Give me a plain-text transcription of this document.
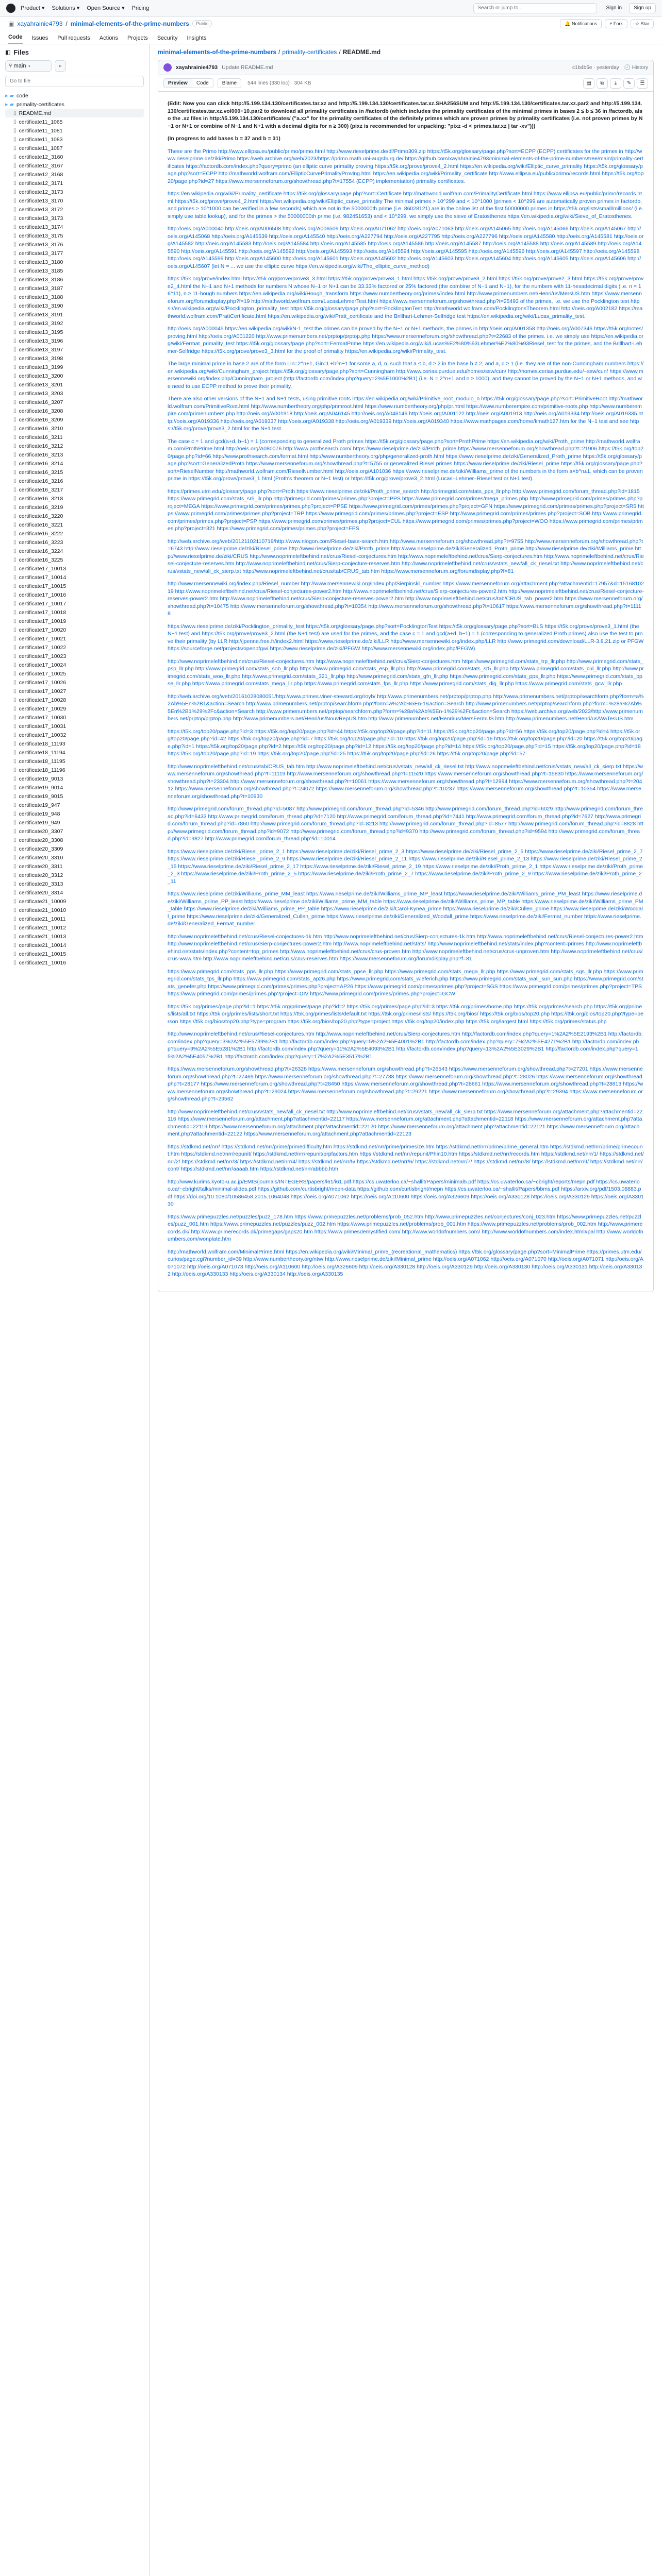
Product ▾ Solutions ▾ Open Source ▾ Pricing	Search or jump to...	Sign in	Sign up
▣ xayahrainie4793 / minimal-elements-of-the-prime-numbers	Public	🔔 Notifications	⑂ Fork	☆ Star
Code Issues Pull requests Actions Projects Security Insights
◧ Files
⑂ main ▾	⌕
Go to file
▸ ▰ code
▸ ▰ primality-certificates
▯ README.md
▯ certificate11_1065
▯ certificate11_1081
▯ certificate11_1083
▯ certificate11_1087
▯ certificate12_3160
▯ certificate12_3167
▯ certificate12_3168
▯ certificate12_3171
▯ certificate12_3173
▯ certificate13_3170
▯ certificate13_3172
▯ certificate13_3173
▯ certificate13_3174
▯ certificate13_3175
▯ certificate13_3176
▯ certificate13_3177
▯ certificate13_3180
▯ certificate13_3185
▯ certificate13_3186
▯ certificate13_3187
▯ certificate13_3188
▯ certificate13_3190
▯ certificate13_3191
▯ certificate13_3192
▯ certificate13_3195
▯ certificate13_3196
▯ certificate13_3197
▯ certificate13_3198
▯ certificate13_3199
▯ certificate13_3200
▯ certificate13_3201
▯ certificate13_3203
▯ certificate16_3207
▯ certificate16_3208
▯ certificate16_3209
▯ certificate16_3210
▯ certificate16_3211
▯ certificate16_3212
▯ certificate16_3213
▯ certificate16_3214
▯ certificate16_3215
▯ certificate16_3216
▯ certificate16_3217
▯ certificate16_3218
▯ certificate16_3219
▯ certificate16_3220
▯ certificate16_3221
▯ certificate16_3222
▯ certificate16_3223
▯ certificate16_3224
▯ certificate16_3225
▯ certificate17_10013
▯ certificate17_10014
▯ certificate17_10015
▯ certificate17_10016
▯ certificate17_10017
▯ certificate17_10018
▯ certificate17_10019
▯ certificate17_10020
▯ certificate17_10021
▯ certificate17_10022
▯ certificate17_10023
▯ certificate17_10024
▯ certificate17_10025
▯ certificate17_10026
▯ certificate17_10027
▯ certificate17_10028
▯ certificate17_10029
▯ certificate17_10030
▯ certificate17_10031
▯ certificate17_10032
▯ certificate18_11193
▯ certificate18_11194
▯ certificate18_11195
▯ certificate18_11196
▯ certificate19_9013
▯ certificate19_9014
▯ certificate19_9015
▯ certificate19_947
▯ certificate19_948
▯ certificate19_949
▯ certificate20_3307
▯ certificate20_3308
▯ certificate20_3309
▯ certificate20_3310
▯ certificate20_3311
▯ certificate20_3312
▯ certificate20_3313
▯ certificate20_3314
▯ certificate21_10009
▯ certificate21_10010
▯ certificate21_10011
▯ certificate21_10012
▯ certificate21_10013
▯ certificate21_10014
▯ certificate21_10015
▯ certificate21_10016
minimal-elements-of-the-prime-numbers / primality-certificates / README.md
xayahrainie4793 Update README.md	c1b4b5e · yesterday 🕘 History
Preview	Code	Blame	544 lines (330 loc) · 304 KB	▤	⧉	⤓	✎	☰

(Edit: Now you can click http://5.199.134.130/certificates.tar.xz and http://5.199.134.130/certificates.tar.xz.SHA256SUM and http://5.199.134.130/certificates.tar.xz.par2 and http://5.199.134.130/certificates.tar.xz.vol000+10.par2 to download all primality certificates in /factordb (which includes the primality certificates of the minimal primes in bases 2 ≤ b ≤ 36 in /factordb, also the .xz files in http://5.199.134.130/certificates/ ("a.xz" for the primality certificates of the definitely primes which are proven primes by primality certificates (i.e. not proven primes by N−1 or N+1 or combine of N−1 and N+1 with a decimal digits for n ≥ 300) (pixz is recommended for unpacking: "pixz -d < primes.tar.xz | tar -xv")))

(In progress to add bases b = 37 and b = 31)

These are the Primo http://www.ellipsa.eu/public/primo/primo.html http://www.rieselprime.de/dl/Primo309.zip https://t5k.org/glossary/page.php?sort=ECPP (ECPP) certificates for the primes in http://www.rieselprime.de/ziki/Primo https://web.archive.org/web/2023/https://primo.math.uni-augsburg.de/ https://github.com/xayahrainie4793/minimal-elements-of-the-prime-numbers/tree/main/primality-certificates https://factordb.com/index.php?query=primo (an elliptic curve primality proving https://t5k.org/prove/prove4_2.html https://en.wikipedia.org/wiki/Elliptic_curve_primality https://t5k.org/glossary/page.php?sort=ECPP http://mathworld.wolfram.com/EllipticCurvePrimalityProving.html https://en.wikipedia.org/wiki/Primality_certificate http://www.ellipsa.eu/public/primo/records.html https://t5k.org/top20/page.php?id=27 https://www.mersenneforum.org/showthread.php?t=17554 (ECPP) implementation) primality certificates.

https://en.wikipedia.org/wiki/Primality_certificate https://t5k.org/glossary/page.php?sort=Certificate http://mathworld.wolfram.com/PrimalityCertificate.html https://www.ellipsa.eu/public/primo/records.html https://t5k.org/prove/prove4_2.html https://en.wikipedia.org/wiki/Elliptic_curve_primality The minimal primes > 10^299 and < 10^1000 (primes < 10^299 are automatically proven primes in factordb, and primes > 10^1000 can be verified in a few seconds) which are not in the 5000000th prime (i.e. 86028121) are in the online list of the first 50000000 primes in https://t5k.org/lists/small/millions/ (i.e. simply use table lookup), and for the primes > the 50000000th prime (i.e. 982451653) and < 10^299, we simply use the sieve of Eratosthenes https://en.wikipedia.org/wiki/Sieve_of_Eratosthenes.

http://oeis.org/A000040 http://oeis.org/A006508 http://oeis.org/A006509 http://oeis.org/A071062 http://oeis.org/A071063 http://oeis.org/A145065 http://oeis.org/A145066 http://oeis.org/A145067 http://oeis.org/A145068 http://oeis.org/A145539 http://oeis.org/A145540 http://oeis.org/A227794 http://oeis.org/A227795 http://oeis.org/A227796 http://oeis.org/A145580 http://oeis.org/A145581 http://oeis.org/A145582 http://oeis.org/A145583 http://oeis.org/A145584 http://oeis.org/A145585 http://oeis.org/A145586 http://oeis.org/A145587 http://oeis.org/A145588 http://oeis.org/A145589 http://oeis.org/A145590 http://oeis.org/A145591 http://oeis.org/A145592 http://oeis.org/A145593 http://oeis.org/A145594 http://oeis.org/A145595 http://oeis.org/A145596 http://oeis.org/A145597 http://oeis.org/A145598 http://oeis.org/A145599 http://oeis.org/A145600 http://oeis.org/A145601 http://oeis.org/A145602 http://oeis.org/A145603 http://oeis.org/A145604 http://oeis.org/A145605 http://oeis.org/A145606 http://oeis.org/A145607 (let N = ... we use the elliptic curve https://en.wikipedia.org/wiki/The_elliptic_curve_method)

https://t5k.org/prove/index.html https://t5k.org/prove/prove3_3.html https://t5k.org/prove/prove3_1.html https://t5k.org/prove/prove3_2.html https://t5k.org/prove/prove2_3.html https://t5k.org/prove/prove2_4.html the N−1 and N+1 methods for numbers N whose N−1 or N+1 can be 33.33% factored or 25% factored (the combine of N−1 and N+1), for the numbers with 11-hexadecimal digits (i.e. n = 16^11), n ≥ 11-hough numbers https://en.wikipedia.org/wiki/Hough_transform https://www.numbertheory.org/primes/index.html http://www.primenumbers.net/Henri/us/MersUS.htm https://www.mersenneforum.org/forumdisplay.php?f=19 http://mathworld.wolfram.com/LucasLehmerTest.html https://www.mersenneforum.org/showthread.php?t=25493 of the primes, i.e. we use the Pocklington test https://en.wikipedia.org/wiki/Pocklington_primality_test https://t5k.org/glossary/page.php?sort=PocklingtonTest http://mathworld.wolfram.com/PocklingtonsTheorem.html http://oeis.org/A002182 https://mathworld.wolfram.com/PrattCertificate.html https://en.wikipedia.org/wiki/Pratt_certificate and the Brillhart-Lehmer-Selfridge test https://en.wikipedia.org/wiki/Lucas_primality_test.

http://oeis.org/A000045 https://en.wikipedia.org/wiki/N-1_test the primes can be proved by the N−1 or N+1 methods, the primes in http://oeis.org/A001358 http://oeis.org/A007346 https://t5k.org/notes/proving.html http://oeis.org/A001220 http://www.primenumbers.net/prptop/prptop.php https://www.mersenneforum.org/showthread.php?t=22683 of the primes. i.e. we simply use https://en.wikipedia.org/wiki/Fermat_primality_test https://t5k.org/glossary/page.php?sort=FermatPrime https://en.wikipedia.org/wiki/Lucas%E2%80%93Lehmer%E2%80%93Riesel_test for the primes, and the Brillhart-Lehmer-Selfridge https://t5k.org/prove/prove3_3.html for the proof of primality https://en.wikipedia.org/wiki/Primality_test.

The large minimal prime in base 2 are of the form Lin=2^n+1, Gin=L+b^n−1 for some a, d, n, such that a ≤ b, d ≥ 2 in the base b ≠ 2, and a, d ≥ 1 (i.e. they are of the non-Cunningham numbers https://en.wikipedia.org/wiki/Cunningham_project https://t5k.org/glossary/page.php?sort=Cunningham http://www.cerias.purdue.edu/homes/ssw/cun/ http://homes.cerias.purdue.edu/~ssw/cun/ https://www.mersennewiki.org/index.php/Cunningham_project (http://factordb.com/index.php?query=2%5E1000%2B1) (i.e. N = 2^n+1 and n ≥ 1000), and they cannot be proved by the N−1 or N+1 methods, and we need to use ECPP method to prove their primality.

There are also other versions of the N−1 and N+1 tests, using primitive roots https://en.wikipedia.org/wiki/Primitive_root_modulo_n https://t5k.org/glossary/page.php?sort=PrimitiveRoot http://mathworld.wolfram.com/PrimitiveRoot.html http://www.numbertheory.org/php/primroot.html https://www.numbertheory.org/php/pr.html https://www.numberempire.com/primitive-roots.php http://www.numberempire.com/primenumbers.php http://oeis.org/A001918 http://oeis.org/A046145 http://oeis.org/A046146 http://oeis.org/A001122 http://oeis.org/A001913 http://oeis.org/A019334 http://oeis.org/A019335 http://oeis.org/A019336 http://oeis.org/A019337 http://oeis.org/A019338 http://oeis.org/A019339 http://oeis.org/A019340 https://www.mathpages.com/home/kmath127.htm for the N−1 test and see https://t5k.org/prove/prove3_2.html for the N+1 test.

The case c = 1 and gcd(a+d, b−1) = 1 (corresponding to generalized Proth primes https://t5k.org/glossary/page.php?sort=ProthPrime https://en.wikipedia.org/wiki/Proth_prime http://mathworld.wolfram.com/ProthPrime.html http://oeis.org/A080076 http://www.prothsearch.com/ https://www.rieselprime.de/ziki/Proth_prime https://www.mersenneforum.org/showthread.php?t=21906 https://t5k.org/top20/page.php?id=66 http://www.prothsearch.com/fermat.html http://www.numbertheory.org/php/generalized-proth.html https://www.rieselprime.de/ziki/Generalized_Proth_prime https://t5k.org/glossary/page.php?sort=GeneralizedProth https://www.mersenneforum.org/showthread.php?t=5755 or generalized Riesel primes https://www.rieselprime.de/ziki/Riesel_prime https://t5k.org/glossary/page.php?sort=RieselNumber http://mathworld.wolfram.com/RieselNumber.html http://oeis.org/A101036 https://www.rieselprime.de/ziki/Williams_prime of the numbers in the form a×b^n±1, which can be proven prime in https://t5k.org/prove/prove3_1.html (Proth's theorem or N−1 test) or https://t5k.org/prove/prove3_2.html (Lucas–Lehmer–Riesel test or N+1 test).

https://primes.utm.edu/glossary/page.php?sort=Proth https://www.rieselprime.de/ziki/Proth_prime_search http://primegrid.com/stats_pps_llr.php http://www.primegrid.com/forum_thread.php?id=1815 https://www.primegrid.com/stats_sr5_llr.php http://primegrid.com/primes/primes.php?project=PPS https://www.primegrid.com/primes/mega_primes.php http://www.primegrid.com/primes/primes.php?project=MEGA https://www.primegrid.com/primes/primes.php?project=PPSE https://www.primegrid.com/primes/primes.php?project=GFN https://www.primegrid.com/primes/primes.php?project=SR5 https://www.primegrid.com/primes/primes.php?project=TRP https://www.primegrid.com/primes/primes.php?project=ESP http://www.primegrid.com/primes/primes.php?project=SOB http://www.primegrid.com/primes/primes.php?project=PSP https://www.primegrid.com/primes/primes.php?project=CUL https://www.primegrid.com/primes/primes.php?project=WOO https://www.primegrid.com/primes/primes.php?project=321 https://www.primegrid.com/primes/primes.php?project=FPS

http://web.archive.org/web/20121102110719/http://www.nlogon.com/Riesel-base-search.htm http://www.mersenneforum.org/showthread.php?t=9755 http://www.mersenneforum.org/showthread.php?t=6743 http://www.rieselprime.de/ziki/Riesel_prime http://www.rieselprime.de/ziki/Proth_prime http://www.rieselprime.de/ziki/Generalized_Proth_prime http://www.rieselprime.de/ziki/Williams_prime http://www.rieselprime.de/ziki/CRUS http://www.noprimeleftbehind.net/crus/Riesel-conjectures.htm http://www.noprimeleftbehind.net/crus/Sierp-conjectures.htm http://www.noprimeleftbehind.net/crus/Riesel-conjecture-reserves.htm http://www.noprimeleftbehind.net/crus/Sierp-conjecture-reserves.htm http://www.noprimeleftbehind.net/crus/vstats_new/all_ck_riesel.txt http://www.noprimeleftbehind.net/crus/vstats_new/all_ck_sierp.txt http://www.noprimeleftbehind.net/crus/tab/CRUS_tab.htm https://www.mersenneforum.org/forumdisplay.php?f=81

http://www.mersennewiki.org/index.php/Riesel_number http://www.mersennewiki.org/index.php/Sierpinski_number https://www.mersenneforum.org/attachment.php?attachmentid=17957&d=1516810219 http://www.noprimeleftbehind.net/crus/Riesel-conjectures-power2.htm http://www.noprimeleftbehind.net/crus/Sierp-conjectures-power2.htm http://www.noprimeleftbehind.net/crus/Riesel-conjecture-reserves-power2.htm http://www.noprimeleftbehind.net/crus/Sierp-conjecture-reserves-power2.htm http://www.noprimeleftbehind.net/crus/tab/CRUS_tab_power2.htm https://www.mersenneforum.org/showthread.php?t=10475 http://www.mersenneforum.org/showthread.php?t=10354 http://www.mersenneforum.org/showthread.php?t=10617 https://www.mersenneforum.org/showthread.php?t=11118

https://www.rieselprime.de/ziki/Pocklington_primality_test https://t5k.org/glossary/page.php?sort=PocklingtonTest https://t5k.org/glossary/page.php?sort=BLS https://t5k.org/prove/prove3_1.html (the N−1 test) and https://t5k.org/prove/prove3_2.html (the N+1 test) are used for the primes, and the case c = 1 and gcd(a+d, b−1) = 1 (corresponding to generalized Proth primes) also use the test to prove their primality (by LLR http://jpenne.free.fr/index2.html https://www.rieselprime.de/ziki/LLR http://www.mersennewiki.org/index.php/LLR http://www.primegrid.com/download/LLR-3.8.21.zip or PFGW https://sourceforge.net/projects/openpfgw/ https://www.rieselprime.de/ziki/PFGW http://www.mersennewiki.org/index.php/PFGW).

http://www.noprimeleftbehind.net/crus/Riesel-conjectures.htm http://www.noprimeleftbehind.net/crus/Sierp-conjectures.htm https://www.primegrid.com/stats_trp_llr.php http://www.primegrid.com/stats_psp_llr.php http://www.primegrid.com/stats_sob_llr.php https://www.primegrid.com/stats_esp_llr.php http://www.primegrid.com/stats_sr5_llr.php http://www.primegrid.com/stats_cul_llr.php http://www.primegrid.com/stats_woo_llr.php http://www.primegrid.com/stats_321_llr.php http://www.primegrid.com/stats_gfn_llr.php https://www.primegrid.com/stats_pps_llr.php https://www.primegrid.com/stats_ppse_llr.php https://www.primegrid.com/stats_mega_llr.php https://www.primegrid.com/stats_fps_llr.php https://www.primegrid.com/stats_dig_llr.php https://www.primegrid.com/stats_gcw_llr.php

http://web.archive.org/web/20161028080051/http://www.primes.viner-steward.org/royb/ http://www.primenumbers.net/prptop/prptop.php http://www.primenumbers.net/prptop/searchform.php?form=a%2Ab%5En%2B1&action=Search http://www.primenumbers.net/prptop/searchform.php?form=a%2Ab%5En-1&action=Search http://www.primenumbers.net/prptop/searchform.php?form=%28a%2Ab%5En%2B1%29%2Fc&action=Search http://www.primenumbers.net/prptop/searchform.php?form=%28a%2Ab%5En-1%29%2Fc&action=Search https://web.archive.org/web/2023/http://www.primenumbers.net/prptop/prptop.php http://www.primenumbers.net/Henri/us/NouvRepUS.htm http://www.primenumbers.net/Henri/us/MersFermUS.htm http://www.primenumbers.net/Henri/us/WaTesUS.htm

https://t5k.org/top20/page.php?id=3 https://t5k.org/top20/page.php?id=44 https://t5k.org/top20/page.php?id=11 https://t5k.org/top20/page.php?id=56 https://t5k.org/top20/page.php?id=4 https://t5k.org/top20/page.php?id=42 https://t5k.org/top20/page.php?id=7 https://t5k.org/top20/page.php?id=10 https://t5k.org/top20/page.php?id=16 https://t5k.org/top20/page.php?id=20 https://t5k.org/top20/page.php?id=1 https://t5k.org/top20/page.php?id=2 https://t5k.org/top20/page.php?id=12 https://t5k.org/top20/page.php?id=14 https://t5k.org/top20/page.php?id=15 https://t5k.org/top20/page.php?id=18 https://t5k.org/top20/page.php?id=19 https://t5k.org/top20/page.php?id=25 https://t5k.org/top20/page.php?id=26 https://t5k.org/top20/page.php?id=57

http://www.noprimeleftbehind.net/crus/tab/CRUS_tab.htm http://www.noprimeleftbehind.net/crus/vstats_new/all_ck_riesel.txt http://www.noprimeleftbehind.net/crus/vstats_new/all_ck_sierp.txt https://www.mersenneforum.org/showthread.php?t=11119 http://www.mersenneforum.org/showthread.php?t=11520 https://www.mersenneforum.org/showthread.php?t=15830 https://www.mersenneforum.org/showthread.php?t=23304 http://www.mersenneforum.org/showthread.php?t=10061 https://www.mersenneforum.org/showthread.php?t=12994 https://www.mersenneforum.org/showthread.php?t=20412 https://www.mersenneforum.org/showthread.php?t=24072 https://www.mersenneforum.org/showthread.php?t=10237 https://www.mersenneforum.org/showthread.php?t=10354 https://www.mersenneforum.org/showthread.php?t=10930

http://www.primegrid.com/forum_thread.php?id=5087 http://www.primegrid.com/forum_thread.php?id=5346 http://www.primegrid.com/forum_thread.php?id=6029 http://www.primegrid.com/forum_thread.php?id=6433 http://www.primegrid.com/forum_thread.php?id=7120 http://www.primegrid.com/forum_thread.php?id=7441 http://www.primegrid.com/forum_thread.php?id=7627 http://www.primegrid.com/forum_thread.php?id=7860 http://www.primegrid.com/forum_thread.php?id=8213 http://www.primegrid.com/forum_thread.php?id=8577 http://www.primegrid.com/forum_thread.php?id=8828 http://www.primegrid.com/forum_thread.php?id=9072 http://www.primegrid.com/forum_thread.php?id=9370 http://www.primegrid.com/forum_thread.php?id=9594 http://www.primegrid.com/forum_thread.php?id=9827 http://www.primegrid.com/forum_thread.php?id=10014

https://www.rieselprime.de/ziki/Riesel_prime_2_1 https://www.rieselprime.de/ziki/Riesel_prime_2_3 https://www.rieselprime.de/ziki/Riesel_prime_2_5 https://www.rieselprime.de/ziki/Riesel_prime_2_7 https://www.rieselprime.de/ziki/Riesel_prime_2_9 https://www.rieselprime.de/ziki/Riesel_prime_2_11 https://www.rieselprime.de/ziki/Riesel_prime_2_13 https://www.rieselprime.de/ziki/Riesel_prime_2_15 https://www.rieselprime.de/ziki/Riesel_prime_2_17 https://www.rieselprime.de/ziki/Riesel_prime_2_19 https://www.rieselprime.de/ziki/Proth_prime_2_1 https://www.rieselprime.de/ziki/Proth_prime_2_3 https://www.rieselprime.de/ziki/Proth_prime_2_5 https://www.rieselprime.de/ziki/Proth_prime_2_7 https://www.rieselprime.de/ziki/Proth_prime_2_9 https://www.rieselprime.de/ziki/Proth_prime_2_11

https://www.rieselprime.de/ziki/Williams_prime_MM_least https://www.rieselprime.de/ziki/Williams_prime_MP_least https://www.rieselprime.de/ziki/Williams_prime_PM_least https://www.rieselprime.de/ziki/Williams_prime_PP_least https://www.rieselprime.de/ziki/Williams_prime_MM_table https://www.rieselprime.de/ziki/Williams_prime_MP_table https://www.rieselprime.de/ziki/Williams_prime_PM_table https://www.rieselprime.de/ziki/Williams_prime_PP_table https://www.rieselprime.de/ziki/Carol-Kynea_prime https://www.rieselprime.de/ziki/Cullen_prime https://www.rieselprime.de/ziki/Woodall_prime https://www.rieselprime.de/ziki/Generalized_Cullen_prime https://www.rieselprime.de/ziki/Generalized_Woodall_prime https://www.rieselprime.de/ziki/Fermat_number https://www.rieselprime.de/ziki/Generalized_Fermat_number

http://www.noprimeleftbehind.net/crus/Riesel-conjectures-1k.htm http://www.noprimeleftbehind.net/crus/Sierp-conjectures-1k.htm http://www.noprimeleftbehind.net/crus/Riesel-conjectures-power2.htm http://www.noprimeleftbehind.net/crus/Sierp-conjectures-power2.htm http://www.noprimeleftbehind.net/stats/ http://www.noprimeleftbehind.net/stats/index.php?content=primes http://www.noprimeleftbehind.net/stats/index.php?content=top_primes http://www.noprimeleftbehind.net/crus/crus-proven.htm http://www.noprimeleftbehind.net/crus/crus-unproven.htm http://www.noprimeleftbehind.net/crus/crus-www.htm http://www.noprimeleftbehind.net/crus/crus-reserves.htm https://www.mersenneforum.org/forumdisplay.php?f=81

https://www.primegrid.com/stats_pps_llr.php https://www.primegrid.com/stats_ppse_llr.php https://www.primegrid.com/stats_mega_llr.php https://www.primegrid.com/stats_sgs_llr.php https://www.primegrid.com/stats_tps_llr.php https://www.primegrid.com/stats_ap26.php https://www.primegrid.com/stats_wieferich.php https://www.primegrid.com/stats_wall_sun_sun.php https://www.primegrid.com/stats_genefer.php https://www.primegrid.com/primes/primes.php?project=AP26 https://www.primegrid.com/primes/primes.php?project=SGS https://www.primegrid.com/primes/primes.php?project=TPS https://www.primegrid.com/primes/primes.php?project=DIV https://www.primegrid.com/primes/primes.php?project=GCW

https://t5k.org/primes/page.php?id=1 https://t5k.org/primes/page.php?id=2 https://t5k.org/primes/page.php?id=3 https://t5k.org/primes/home.php https://t5k.org/primes/search.php https://t5k.org/primes/lists/all.txt https://t5k.org/primes/lists/short.txt https://t5k.org/primes/lists/default.txt https://t5k.org/primes/lists/ https://t5k.org/bios/ https://t5k.org/bios/top20.php https://t5k.org/bios/top20.php?type=person https://t5k.org/bios/top20.php?type=program https://t5k.org/bios/top20.php?type=project https://t5k.org/top20/index.php https://t5k.org/largest.html https://t5k.org/primes/status.php

http://www.noprimeleftbehind.net/crus/Riesel-conjectures.htm http://www.noprimeleftbehind.net/crus/Sierp-conjectures.htm http://factordb.com/index.php?query=1%2A2%5E2193%2B1 http://factordb.com/index.php?query=3%2A2%5E5739%2B1 http://factordb.com/index.php?query=5%2A2%5E4001%2B1 http://factordb.com/index.php?query=7%2A2%5E4271%2B1 http://factordb.com/index.php?query=9%2A2%5E5281%2B1 http://factordb.com/index.php?query=11%2A2%5E4093%2B1 http://factordb.com/index.php?query=13%2A2%5E3029%2B1 http://factordb.com/index.php?query=15%2A2%5E4057%2B1 http://factordb.com/index.php?query=17%2A2%5E3517%2B1

https://www.mersenneforum.org/showthread.php?t=26328 https://www.mersenneforum.org/showthread.php?t=26543 https://www.mersenneforum.org/showthread.php?t=27201 https://www.mersenneforum.org/showthread.php?t=27469 https://www.mersenneforum.org/showthread.php?t=27738 https://www.mersenneforum.org/showthread.php?t=28026 https://www.mersenneforum.org/showthread.php?t=28177 https://www.mersenneforum.org/showthread.php?t=28450 https://www.mersenneforum.org/showthread.php?t=28661 https://www.mersenneforum.org/showthread.php?t=28813 https://www.mersenneforum.org/showthread.php?t=29024 https://www.mersenneforum.org/showthread.php?t=29221 https://www.mersenneforum.org/showthread.php?t=29394 https://www.mersenneforum.org/showthread.php?t=29562

http://www.noprimeleftbehind.net/crus/vstats_new/all_ck_riesel.txt http://www.noprimeleftbehind.net/crus/vstats_new/all_ck_sierp.txt https://www.mersenneforum.org/attachment.php?attachmentid=22116 https://www.mersenneforum.org/attachment.php?attachmentid=22117 https://www.mersenneforum.org/attachment.php?attachmentid=22118 https://www.mersenneforum.org/attachment.php?attachmentid=22119 https://www.mersenneforum.org/attachment.php?attachmentid=22120 https://www.mersenneforum.org/attachment.php?attachmentid=22121 https://www.mersenneforum.org/attachment.php?attachmentid=22122 https://www.mersenneforum.org/attachment.php?attachmentid=22123

https://stdkmd.net/nrr/ https://stdkmd.net/nrr/prime/primedifficulty.htm https://stdkmd.net/nrr/prime/primesize.htm https://stdkmd.net/nrr/prime/prime_general.htm https://stdkmd.net/nrr/prime/primecount.htm https://stdkmd.net/nrr/repunit/ https://stdkmd.net/nrr/repunit/prpfactors.htm https://stdkmd.net/nrr/repunit/Phin10.htm https://stdkmd.net/nrr/records.htm https://stdkmd.net/nrr/1/ https://stdkmd.net/nrr/2/ https://stdkmd.net/nrr/3/ https://stdkmd.net/nrr/4/ https://stdkmd.net/nrr/5/ https://stdkmd.net/nrr/6/ https://stdkmd.net/nrr/7/ https://stdkmd.net/nrr/8/ https://stdkmd.net/nrr/9/ https://stdkmd.net/nrr/cont/ https://stdkmd.net/nrr/aaaab.htm https://stdkmd.net/nrr/abbbb.htm

http://www.kurims.kyoto-u.ac.jp/EMIS/journals/INTEGERS/papers/i61/i61.pdf https://cs.uwaterloo.ca/~shallit/Papers/minimal5.pdf https://cs.uwaterloo.ca/~cbright/reports/mepn.pdf https://cs.uwaterloo.ca/~cbright/talks/minimal-slides.pdf https://github.com/curtisbright/mepn-data https://github.com/curtisbright/mepn https://cs.uwaterloo.ca/~shallit/Papers/bbms.pdf https://arxiv.org/pdf/1503.08883.pdf https://doi.org/10.1080/10586458.2015.1064048 https://oeis.org/A071062 https://oeis.org/A110600 https://oeis.org/A326609 https://oeis.org/A330128 https://oeis.org/A330129 https://oeis.org/A330130

https://www.primepuzzles.net/puzzles/puzz_178.htm https://www.primepuzzles.net/problems/prob_052.htm http://www.primepuzzles.net/conjectures/conj_023.htm https://www.primepuzzles.net/puzzles/puzz_001.htm https://www.primepuzzles.net/puzzles/puzz_002.htm https://www.primepuzzles.net/problems/prob_001.htm https://www.primepuzzles.net/problems/prob_002.htm http://www.primerecords.dk/ http://www.primerecords.dk/primegaps/gaps20.htm https://www.primesdemystified.com/ http://www.worldofnumbers.com/ http://www.worldofnumbers.com/index.html#pal http://www.worldofnumbers.com/wonplate.htm

http://mathworld.wolfram.com/MinimalPrime.html https://en.wikipedia.org/wiki/Minimal_prime_(recreational_mathematics) https://t5k.org/glossary/page.php?sort=MinimalPrime https://primes.utm.edu/curios/page.cgi?number_id=39 http://www.numbertheory.org/ntw/ http://www.rieselprime.de/ziki/Minimal_prime http://oeis.org/A071062 http://oeis.org/A071070 http://oeis.org/A071071 http://oeis.org/A071072 http://oeis.org/A071073 http://oeis.org/A110600 http://oeis.org/A326609 http://oeis.org/A330128 http://oeis.org/A330129 http://oeis.org/A330130 http://oeis.org/A330131 http://oeis.org/A330132 http://oeis.org/A330133 http://oeis.org/A330134 http://oeis.org/A330135
